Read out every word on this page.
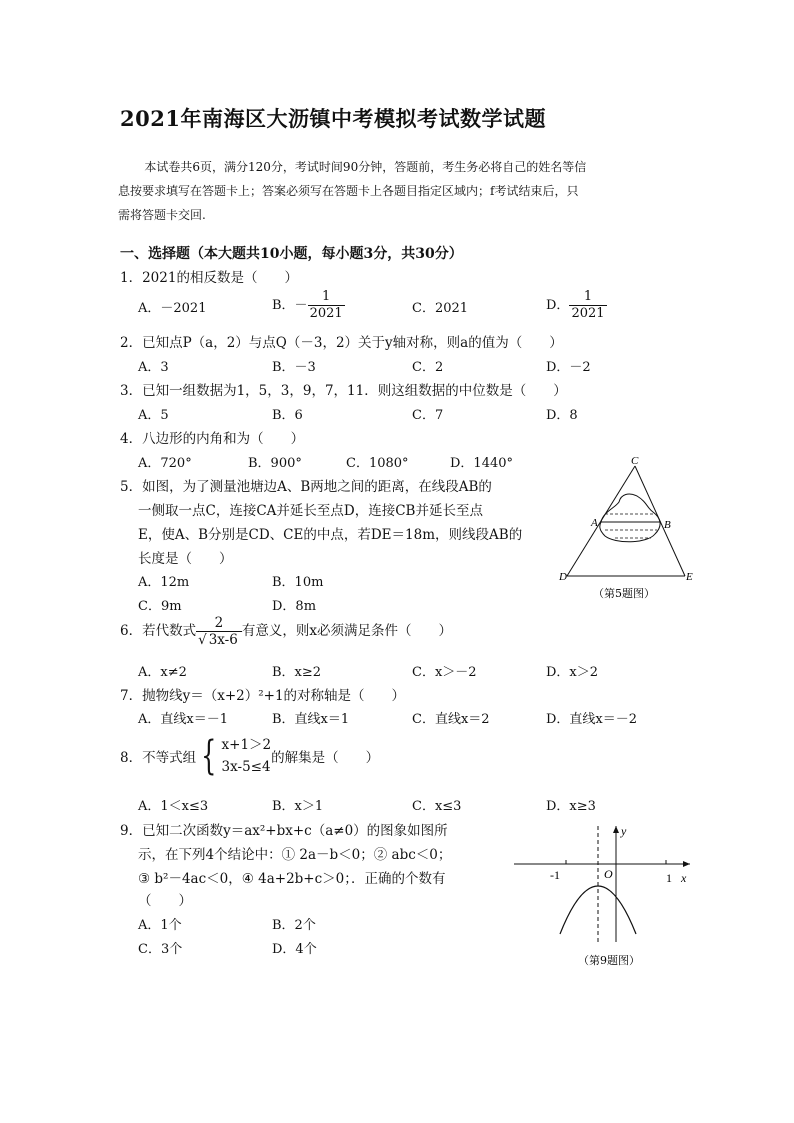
2021年南海区大沥镇中考模拟考试数学试题

本试卷共6页，满分120分，考试时间90分钟，答题前，考生务必将自己的姓名等信

息按要求填写在答题卡上；答案必须写在答题卡上各题目指定区域内；f考试结束后，只

需将答题卡交回.

一、选择题（本大题共10小题，每小题3分，共30分）
1．2021的相反数是（　　）
A．－2021	B．－ $\frac{1}{2021}$	C．2021	D． $\frac{1}{2021}$
2．已知点P（a，2）与点Q（－3，2）关于y轴对称，则a的值为（　　）
A．3	B．－3	C．2	D．－2
3．已知一组数据为1，5，3，9，7，11．则这组数据的中位数是（　　）
A．5	B．6	C．7	D．8
4．八边形的内角和为（　　）
A．720°	B．900°	C．1080°	D．1440°
5．如图，为了测量池塘边A、B两地之间的距离，在线段AB的
一侧取一点C，连接CA并延长至点D，连接CB并延长至点
E，使A、B分别是CD、CE的中点，若DE＝18m，则线段AB的
长度是（　　）
A．12m	B．10m
C．9m	D．8m
C
A	B
D	E
（第5题图）
6．若代数式 $\frac{2}{√ 3x-6}$ 有意义，则x必须满足条件（　　）
A．x≠2	B．x≥2	C．x＞－2	D．x＞2
7．抛物线y＝（x+2）²+1的对称轴是（　　）
A．直线x＝－1	B．直线x＝1	C．直线x＝2	D．直线x＝－2
8．不等式组 { x+1＞2
3x-5≤4
的解集是（　　）
A．1＜x≤3	B．x＞1	C．x≤3	D．x≥3
9．已知二次函数y＝ax²+bx+c（a≠0）的图象如图所
示，在下列4个结论中：① 2a－b＜0；② abc＜0；
③ b²－4ac＜0，④ 4a+2b+c＞0；．正确的个数有
（　　）
A．1个	B．2个
C．3个	D．4个
-1	O	1 x
y
（第9题图）
